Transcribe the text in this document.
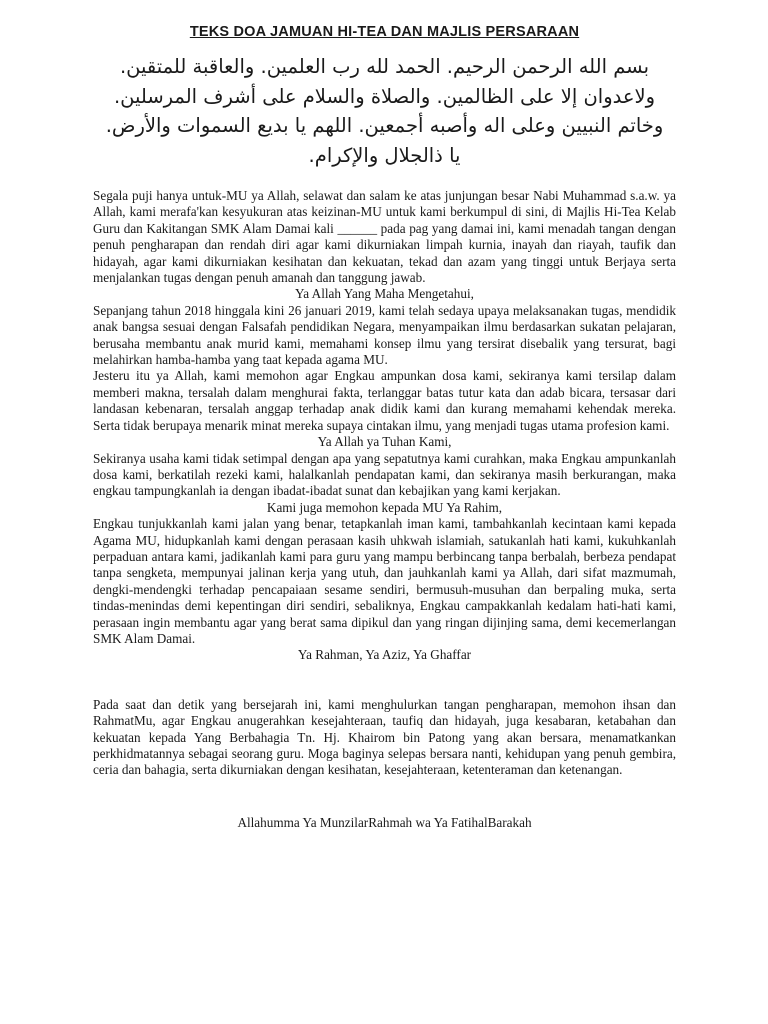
TEKS DOA JAMUAN HI-TEA DAN MAJLIS PERSARAAN
بسم الله الرحمن الرحيم. الحمد لله رب العلمين. والعاقبة للمتقين.
ولاعدوان إلا على الظالمين. والصلاة والسلام على أشرف المرسلين.
وخاتم النبيين وعلى اله وأصبه أجمعين. اللهم يا بديع السموات والأرض.
يا ذالجلال والإكرام.

Segala puji hanya untuk-MU ya Allah, selawat dan salam ke atas junjungan besar Nabi Muhammad s.a.w. ya Allah, kami merafa'kan kesyukuran atas keizinan-MU untuk kami berkumpul di sini, di Majlis Hi-Tea Kelab Guru dan Kakitangan SMK Alam Damai kali ______ pada pag yang damai ini, kami menadah tangan dengan penuh pengharapan dan rendah diri agar kami dikurniakan limpah kurnia, inayah dan riayah, taufik dan hidayah, agar kami dikurniakan kesihatan dan kekuatan, tekad dan azam yang tinggi untuk Berjaya serta menjalankan tugas dengan penuh amanah dan tanggung jawab.

Ya Allah Yang Maha Mengetahui,

Sepanjang tahun 2018 hinggala kini 26 januari 2019, kami telah sedaya upaya melaksanakan tugas, mendidik anak bangsa sesuai dengan Falsafah pendidikan Negara, menyampaikan ilmu berdasarkan sukatan pelajaran, berusaha membantu anak murid kami, memahami konsep ilmu yang tersirat disebalik yang tersurat, bagi melahirkan hamba-hamba yang taat kepada agama MU.

Jesteru itu ya Allah, kami memohon agar Engkau ampunkan dosa kami, sekiranya kami tersilap dalam memberi makna, tersalah dalam menghurai fakta, terlanggar batas tutur kata dan adab bicara, tersasar dari landasan kebenaran, tersalah anggap terhadap anak didik kami dan kurang memahami kehendak mereka. Serta tidak berupaya menarik minat mereka supaya cintakan ilmu, yang menjadi tugas utama profesion kami.

Ya Allah ya Tuhan Kami,

Sekiranya usaha kami tidak setimpal dengan apa yang sepatutnya kami curahkan, maka Engkau ampunkanlah dosa kami, berkatilah rezeki kami, halalkanlah pendapatan kami, dan sekiranya masih berkurangan, maka engkau tampungkanlah ia dengan ibadat-ibadat sunat dan kebajikan yang kami kerjakan.

Kami juga memohon kepada MU Ya Rahim,

Engkau tunjukkanlah kami jalan yang benar, tetapkanlah iman kami, tambahkanlah kecintaan kami kepada Agama MU, hidupkanlah kami dengan perasaan kasih uhkwah islamiah, satukanlah hati kami, kukuhkanlah perpaduan antara kami, jadikanlah kami para guru yang mampu berbincang tanpa berbalah, berbeza pendapat tanpa sengketa, mempunyai jalinan kerja yang utuh, dan jauhkanlah kami ya Allah, dari sifat mazmumah, dengki-mendengki terhadap pencapaiaan sesame sendiri, bermusuh-musuhan dan berpaling muka, serta tindas-menindas demi kepentingan diri sendiri, sebaliknya, Engkau campakkanlah kedalam hati-hati kami, perasaan ingin membantu agar yang berat sama dipikul dan yang ringan dijinjing sama, demi kecemerlangan SMK Alam Damai.

Ya Rahman, Ya Aziz, Ya Ghaffar

Pada saat dan detik yang bersejarah ini, kami menghulurkan tangan pengharapan, memohon ihsan dan RahmatMu, agar Engkau anugerahkan kesejahteraan, taufiq dan hidayah, juga kesabaran, ketabahan dan kekuatan kepada Yang Berbahagia Tn. Hj. Khairom bin Patong yang akan bersara, menamatkankan perkhidmatannya sebagai seorang guru. Moga baginya selepas bersara nanti, kehidupan yang penuh gembira, ceria dan bahagia, serta dikurniakan dengan kesihatan, kesejahteraan, ketenteraman dan ketenangan.

Allahumma Ya MunzilarRahmah wa Ya FatihalBarakah
